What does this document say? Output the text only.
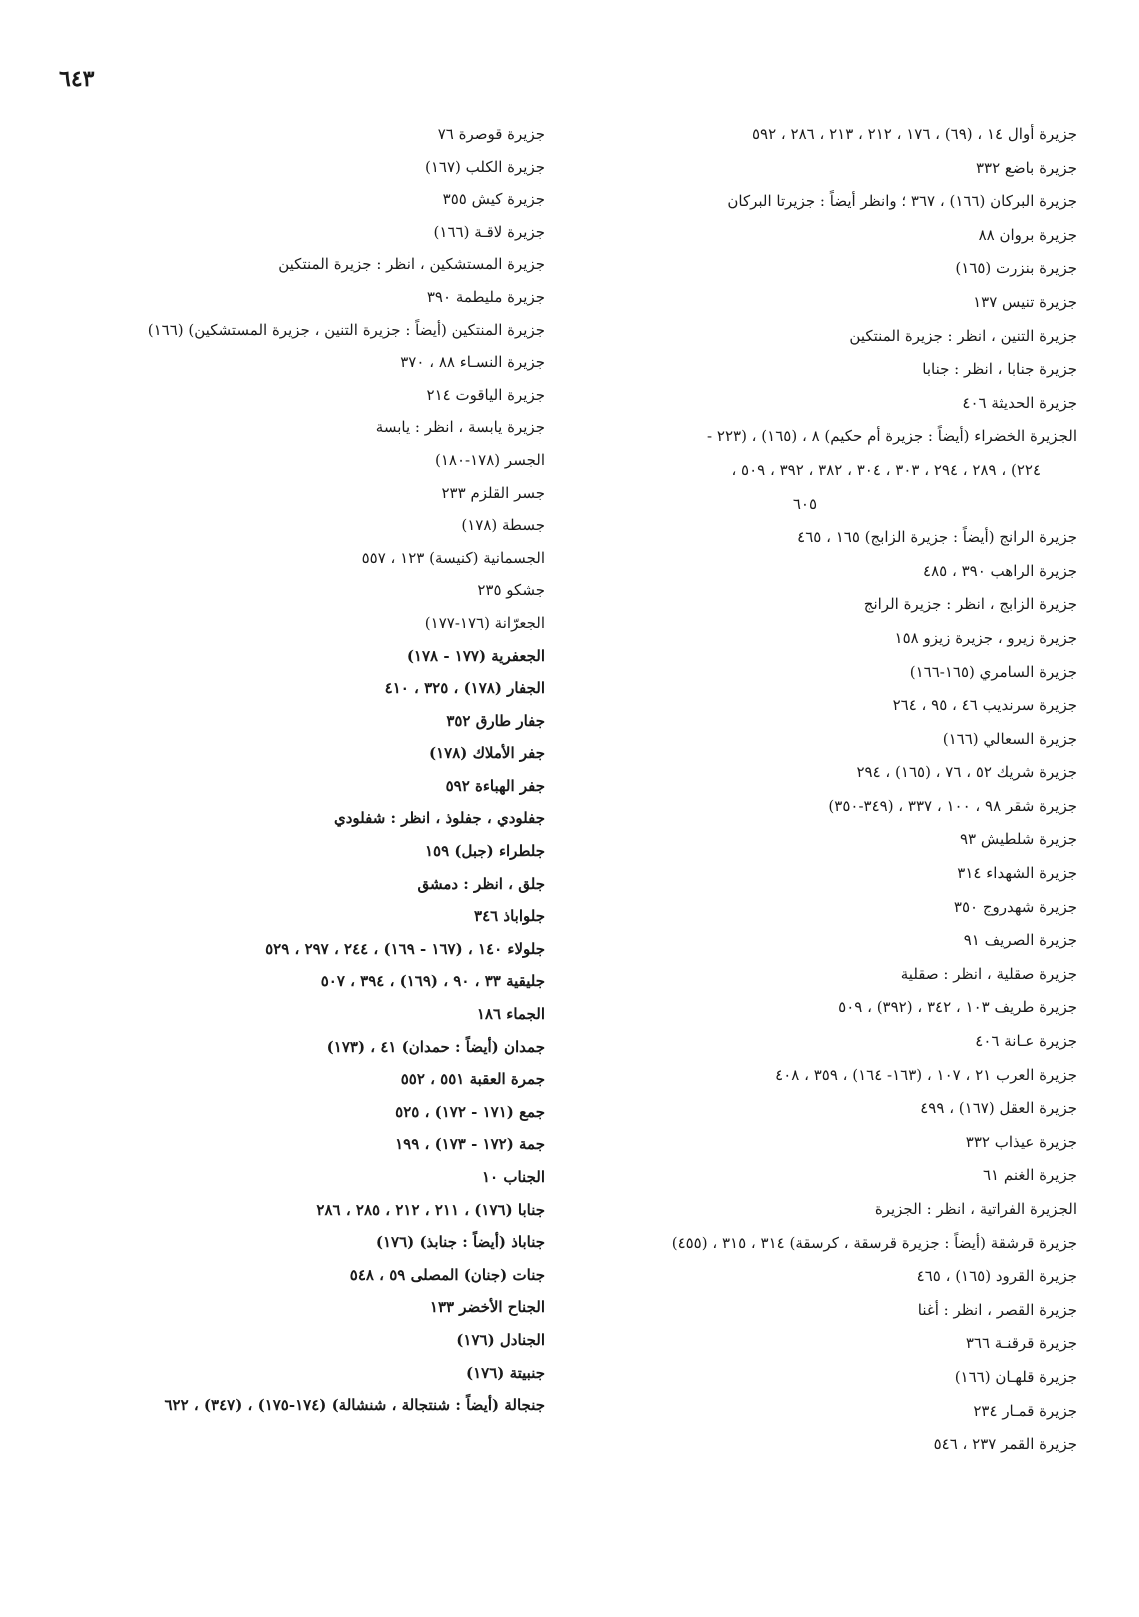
٦٤٣
جزيرة أوال ١٤ ، (٦٩) ، ١٧٦ ، ٢١٢ ، ٢١٣ ، ٢٨٦ ، ٥٩٢
جزيرة باضع ٣٣٢
جزيرة البركان (١٦٦) ، ٣٦٧ ؛ وانظر أيضاً : جزيرتا البركان
جزيرة بروان ٨٨
جزيرة بنزرت (١٦٥)
جزيرة تنيس ١٣٧
جزيرة التنين ، انظر : جزيرة المنتكين
جزيرة جنابا ، انظر : جنابا
جزيرة الحديثة ٤٠٦
الجزيرة الخضراء (أيضاً : جزيرة أم حكيم) ٨ ، (١٦٥) ، (٢٢٣ -
٢٢٤) ، ٢٨٩ ، ٢٩٤ ، ٣٠٣ ، ٣٠٤ ، ٣٨٢ ، ٣٩٢ ، ٥٠٩ ،
٦٠٥
جزيرة الرانج (أيضاً : جزيرة الزابج) ١٦٥ ، ٤٦٥
جزيرة الراهب ٣٩٠ ، ٤٨٥
جزيرة الزابج ، انظر : جزيرة الرانج
جزيرة زيرو ، جزيرة زيزو ١٥٨
جزيرة السامري (١٦٥-١٦٦)
جزيرة سرنديب ٤٦ ، ٩٥ ، ٢٦٤
جزيرة السعالي (١٦٦)
جزيرة شريك ٥٢ ، ٧٦ ، (١٦٥) ، ٢٩٤
جزيرة شقر ٩٨ ، ١٠٠ ، ٣٣٧ ، (٣٤٩-٣٥٠)
جزيرة شلطيش ٩٣
جزيرة الشهداء ٣١٤
جزيرة شهدروج ٣٥٠
جزيرة الصريف ٩١
جزيرة صقلية ، انظر : صقلية
جزيرة طريف ١٠٣ ، ٣٤٢ ، (٣٩٢) ، ٥٠٩
جزيرة عـانة ٤٠٦
جزيرة العرب ٢١ ، ١٠٧ ، (١٦٣- ١٦٤) ، ٣٥٩ ، ٤٠٨
جزيرة العقل (١٦٧) ، ٤٩٩
جزيرة عيذاب ٣٣٢
جزيرة الغنم ٦١
الجزيرة الفراتية ، انظر : الجزيرة
جزيرة قرشقة (أيضاً : جزيرة قرسقة ، كرسقة) ٣١٤ ، ٣١٥ ، (٤٥٥)
جزيرة القرود (١٦٥) ، ٤٦٥
جزيرة القصر ، انظر : أغنا
جزيرة قرقنـة ٣٦٦
جزيرة قلهـان (١٦٦)
جزيرة قمـار ٢٣٤
جزيرة القمر ٢٣٧ ، ٥٤٦
جزيرة قوصرة ٧٦
جزيرة الكلب (١٦٧)
جزيرة كيش ٣٥٥
جزيرة لاقـة (١٦٦)
جزيرة المستشكين ، انظر : جزيرة المنتكين
جزيرة مليطمة ٣٩٠
جزيرة المنتكين (أيضاً : جزيرة التنين ، جزيرة المستشكين) (١٦٦)
جزيرة النسـاء ٨٨ ، ٣٧٠
جزيرة الياقوت ٢١٤
جزيرة يابسة ، انظر : يابسة
الجسر (١٧٨-١٨٠)
جسر القلزم ٢٣٣
جسطة (١٧٨)
الجسمانية (كنيسة) ١٢٣ ، ٥٥٧
جشكو ٢٣٥
الجعرّانة (١٧٦-١٧٧)
الجعفرية (١٧٧ - ١٧٨)
الجفار (١٧٨) ، ٣٢٥ ، ٤١٠
جفار طارق ٣٥٢
جفر الأملاك (١٧٨)
جفر الهباءة ٥٩٢
جفلودي ، جفلوذ ، انظر : شفلودي
جلطراء (جبل) ١٥٩
جلق ، انظر : دمشق
جلواباذ ٣٤٦
جلولاء ١٤٠ ، (١٦٧ - ١٦٩) ، ٢٤٤ ، ٢٩٧ ، ٥٢٩
جليقية ٣٣ ، ٩٠ ، (١٦٩) ، ٣٩٤ ، ٥٠٧
الجماء ١٨٦
جمدان (أيضاً : حمدان) ٤١ ، (١٧٣)
جمرة العقبة ٥٥١ ، ٥٥٢
جمع (١٧١ - ١٧٢) ، ٥٢٥
جمة (١٧٢ - ١٧٣) ، ١٩٩
الجناب ١٠
جنابا (١٧٦) ، ٢١١ ، ٢١٢ ، ٢٨٥ ، ٢٨٦
جناباذ (أيضاً : جنابذ) (١٧٦)
جنات (جنان) المصلى ٥٩ ، ٥٤٨
الجناح الأخضر ١٣٣
الجنادل (١٧٦)
جنبيتة (١٧٦)
جنجالة (أيضاً : شنتجالة ، شنشالة) (١٧٤-١٧٥) ، (٣٤٧) ، ٦٢٢
